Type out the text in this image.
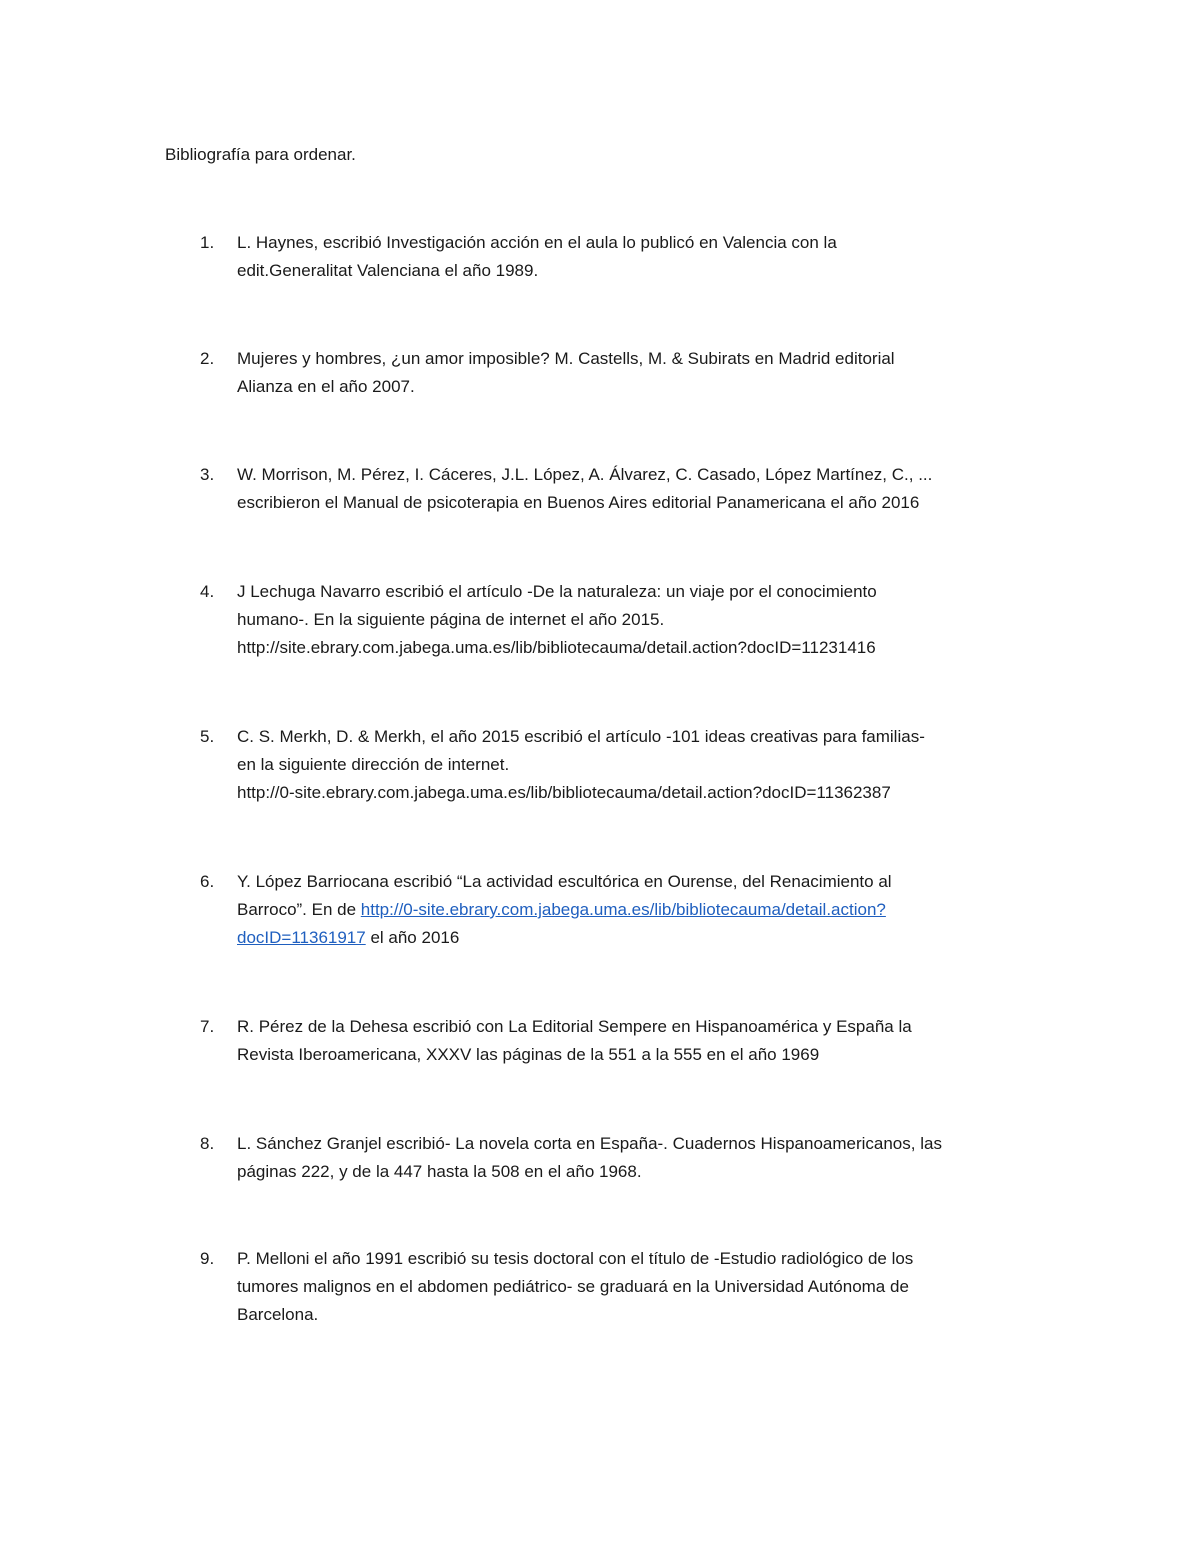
Bibliografía para ordenar.
1.	L. Haynes, escribió Investigación acción en el aula lo publicó en Valencia con la
edit.Generalitat Valenciana el año 1989.
2.	Mujeres y hombres, ¿un amor imposible? M. Castells, M. & Subirats en Madrid editorial
Alianza en el año 2007.
3.	W. Morrison, M. Pérez, I. Cáceres, J.L. López, A. Álvarez, C. Casado, López Martínez, C., ...
escribieron el Manual de psicoterapia en Buenos Aires editorial Panamericana el año 2016
4.	J Lechuga Navarro escribió el artículo -De la naturaleza: un viaje por el conocimiento
humano-. En la siguiente página de internet el año 2015.
http://site.ebrary.com.jabega.uma.es/lib/bibliotecauma/detail.action?docID=11231416
5.	C. S. Merkh, D. & Merkh, el año 2015 escribió el artículo -101 ideas creativas para familias-
en la siguiente dirección de internet.
http://0-site.ebrary.com.jabega.uma.es/lib/bibliotecauma/detail.action?docID=11362387
6.	Y. López Barriocana escribió “La actividad escultórica en Ourense, del Renacimiento al
Barroco”. En de http://0-site.ebrary.com.jabega.uma.es/lib/bibliotecauma/detail.action?
docID=11361917 el año 2016
7.	R. Pérez de la Dehesa escribió con La Editorial Sempere en Hispanoamérica y España la
Revista Iberoamericana, XXXV las páginas de la 551 a la 555 en el año 1969
8.	L. Sánchez Granjel escribió- La novela corta en España-. Cuadernos Hispanoamericanos, las
páginas 222, y de la 447 hasta la 508 en el año 1968.
9.	P. Melloni el año 1991 escribió su tesis doctoral con el título de -Estudio radiológico de los
tumores malignos en el abdomen pediátrico- se graduará en la Universidad Autónoma de
Barcelona.
